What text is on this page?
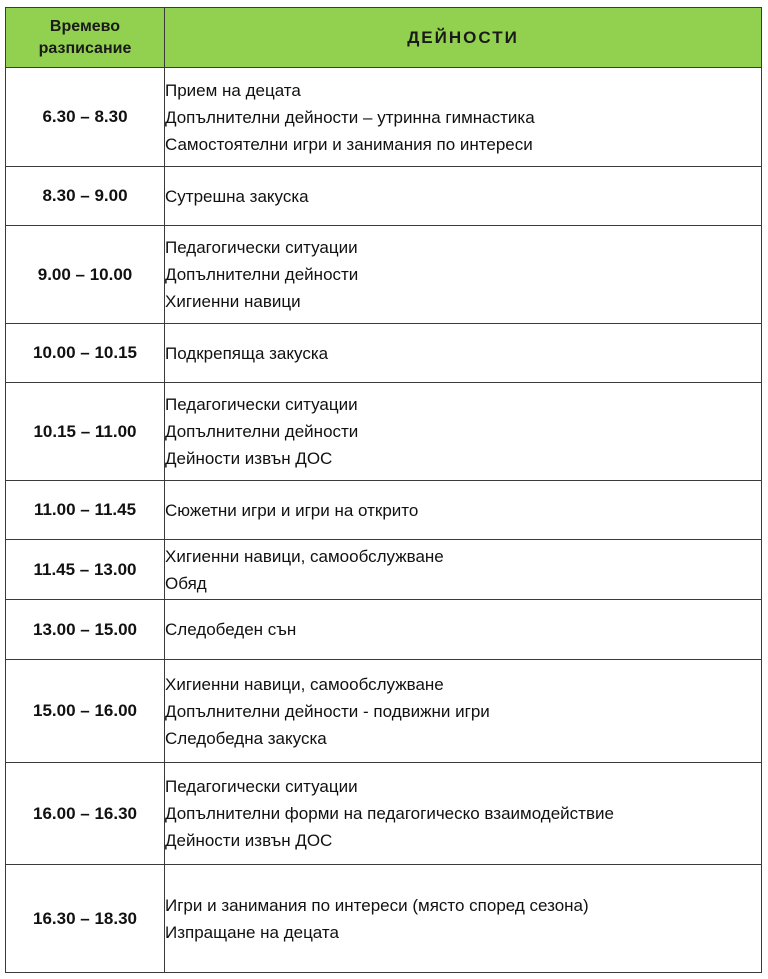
Времево
разписание	ДЕЙНОСТИ
6.30 – 8.30	Прием на децата
Допълнителни дейности – утринна гимнастика
Самостоятелни игри и занимания по интереси

8.30 – 9.00	Сутрешна закуска

9.00 – 10.00	Педагогически ситуации
Допълнителни дейности
Хигиенни навици

10.00 – 10.15	Подкрепяща закуска

10.15 – 11.00	Педагогически ситуации
Допълнителни дейности
Дейности извън ДОС

11.00 – 11.45	Сюжетни игри и игри на открито

11.45 – 13.00	Хигиенни навици, самообслужване
Обяд

13.00 – 15.00	Следобеден сън

15.00 – 16.00	Хигиенни навици, самообслужване
Допълнителни дейности - подвижни игри
Следобедна закуска

16.00 – 16.30	Педагогически ситуации
Допълнителни форми на педагогическо взаимодействие
Дейности извън ДОС

16.30 – 18.30	Игри и занимания по интереси (място според сезона)
Изпращане на децата
